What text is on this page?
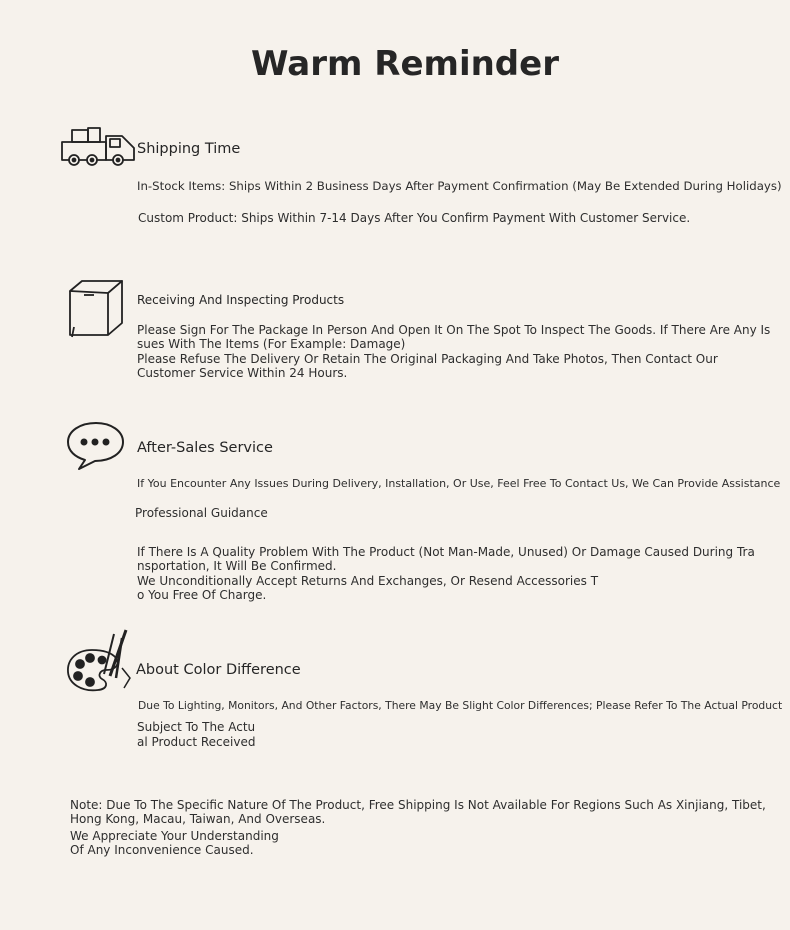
Warm Reminder
Shipping Time
In-Stock Items: Ships Within 2 Business Days After Payment Confirmation (May Be Extended During Holidays)
Custom Product: Ships Within 7-14 Days After You Confirm Payment With Customer Service.
Receiving And Inspecting Products
Please Sign For The Package In Person And Open It On The Spot To Inspect The Goods. If There Are Any Is
sues With The Items (For Example: Damage)
Please Refuse The Delivery Or Retain The Original Packaging And Take Photos, Then Contact Our
Customer Service Within 24 Hours.
After-Sales Service
If You Encounter Any Issues During Delivery, Installation, Or Use, Feel Free To Contact Us, We Can Provide Assistance
Professional Guidance
If There Is A Quality Problem With The Product (Not Man-Made, Unused) Or Damage Caused During Tra
nsportation, It Will Be Confirmed.
We Unconditionally Accept Returns And Exchanges, Or Resend Accessories T
o You Free Of Charge.
About Color Difference
Due To Lighting, Monitors, And Other Factors, There May Be Slight Color Differences; Please Refer To The Actual Product
Subject To The Actu
al Product Received
Note: Due To The Specific Nature Of The Product, Free Shipping Is Not Available For Regions Such As Xinjiang, Tibet,
Hong Kong, Macau, Taiwan, And Overseas.
We Appreciate Your Understanding
Of Any Inconvenience Caused.
